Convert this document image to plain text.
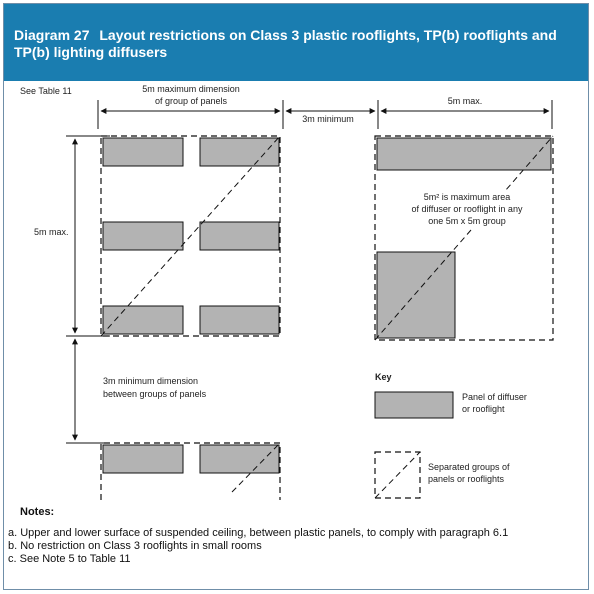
Diagram 27 Layout restrictions on Class 3 plastic rooflights, TP(b) rooflights and TP(b) lighting diffusers
See Table 11	5m maximum dimension
of group of panels
3m minimum
5m max.
5m max.
5m² is maximum area
of diffuser or rooflight in any
one 5m x 5m group
3m minimum dimension
between groups of panels
Key
Panel of diffuser
or rooflight
Separated groups of
panels or rooflights
Notes:
a. Upper and lower surface of suspended ceiling, between plastic panels, to comply with paragraph 6.1
b. No restriction on Class 3 rooflights in small rooms
c. See Note 5 to Table 11
